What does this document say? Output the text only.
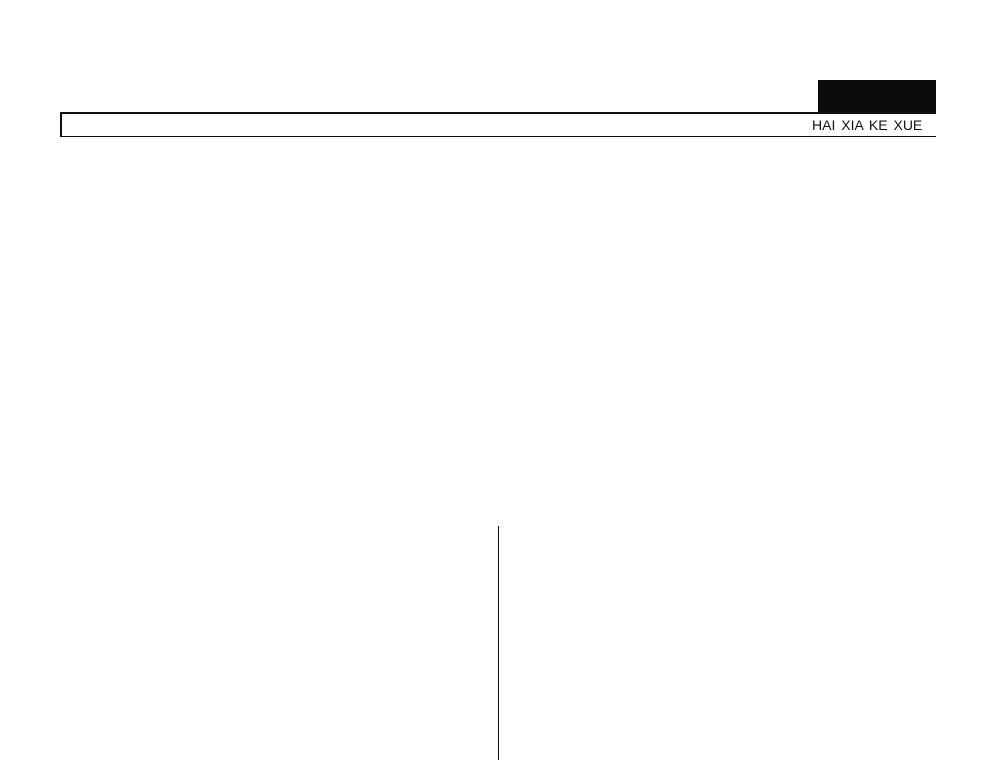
HAI XIA KE XUE
